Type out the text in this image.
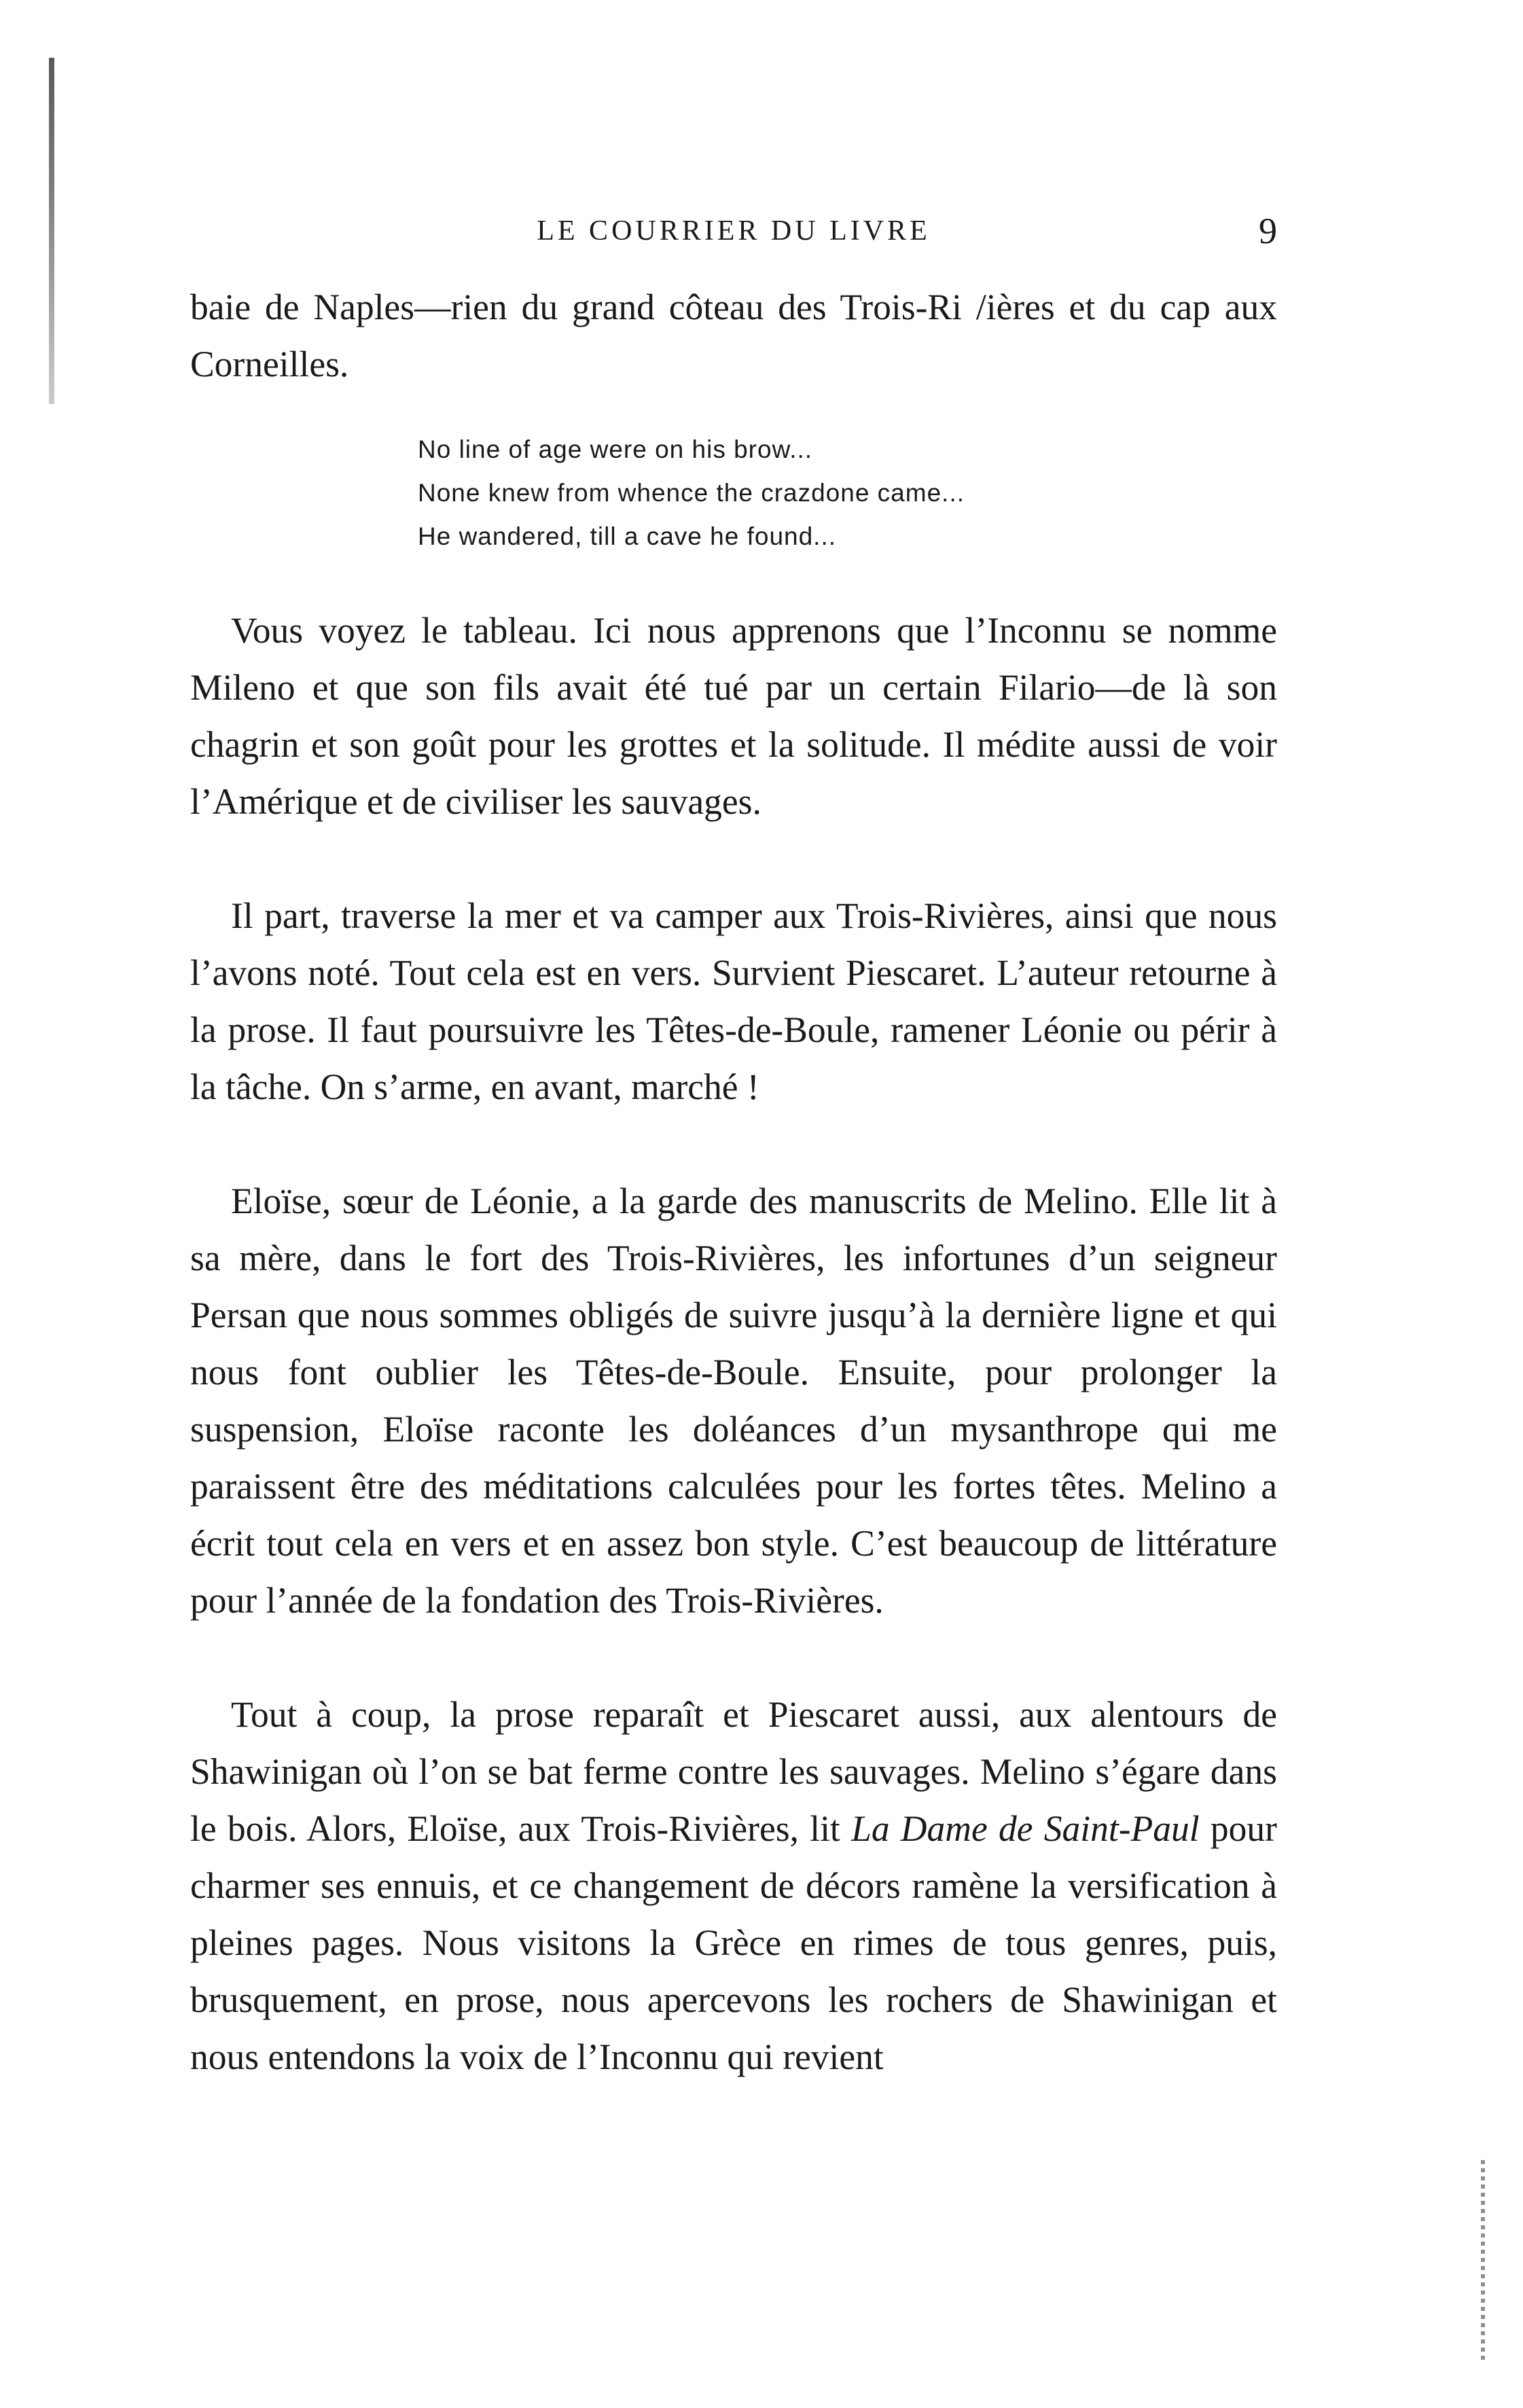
LE COURRIER DU LIVRE	9

baie de Naples—rien du grand côteau des Trois-Ri /ières et du cap aux Corneilles.

No line of age were on his brow...
None knew from whence the crazdone came...
He wandered, till a cave he found...

Vous voyez le tableau. Ici nous apprenons que l’Inconnu se nomme Mileno et que son fils avait été tué par un certain Filario—de là son chagrin et son goût pour les grottes et la solitude. Il médite aussi de voir l’Amérique et de civiliser les sauvages.

Il part, traverse la mer et va camper aux Trois-Rivières, ainsi que nous l’avons noté. Tout cela est en vers. Survient Piescaret. L’auteur retourne à la prose. Il faut poursuivre les Têtes-de-Boule, ramener Léonie ou périr à la tâche. On s’arme, en avant, marché !

Eloïse, sœur de Léonie, a la garde des manuscrits de Melino. Elle lit à sa mère, dans le fort des Trois-Rivières, les infortunes d’un seigneur Persan que nous sommes obligés de suivre jusqu’à la dernière ligne et qui nous font oublier les Têtes-de-Boule. Ensuite, pour prolonger la suspension, Eloïse raconte les doléances d’un mysanthrope qui me paraissent être des méditations calculées pour les fortes têtes. Melino a écrit tout cela en vers et en assez bon style. C’est beaucoup de littérature pour l’année de la fondation des Trois-Rivières.

Tout à coup, la prose reparaît et Piescaret aussi, aux alentours de Shawinigan où l’on se bat ferme contre les sauvages. Melino s’égare dans le bois. Alors, Eloïse, aux Trois-Rivières, lit La Dame de Saint-Paul pour charmer ses ennuis, et ce changement de décors ramène la versification à pleines pages. Nous visitons la Grèce en rimes de tous genres, puis, brusquement, en prose, nous apercevons les rochers de Shawinigan et nous entendons la voix de l’Inconnu qui revient
